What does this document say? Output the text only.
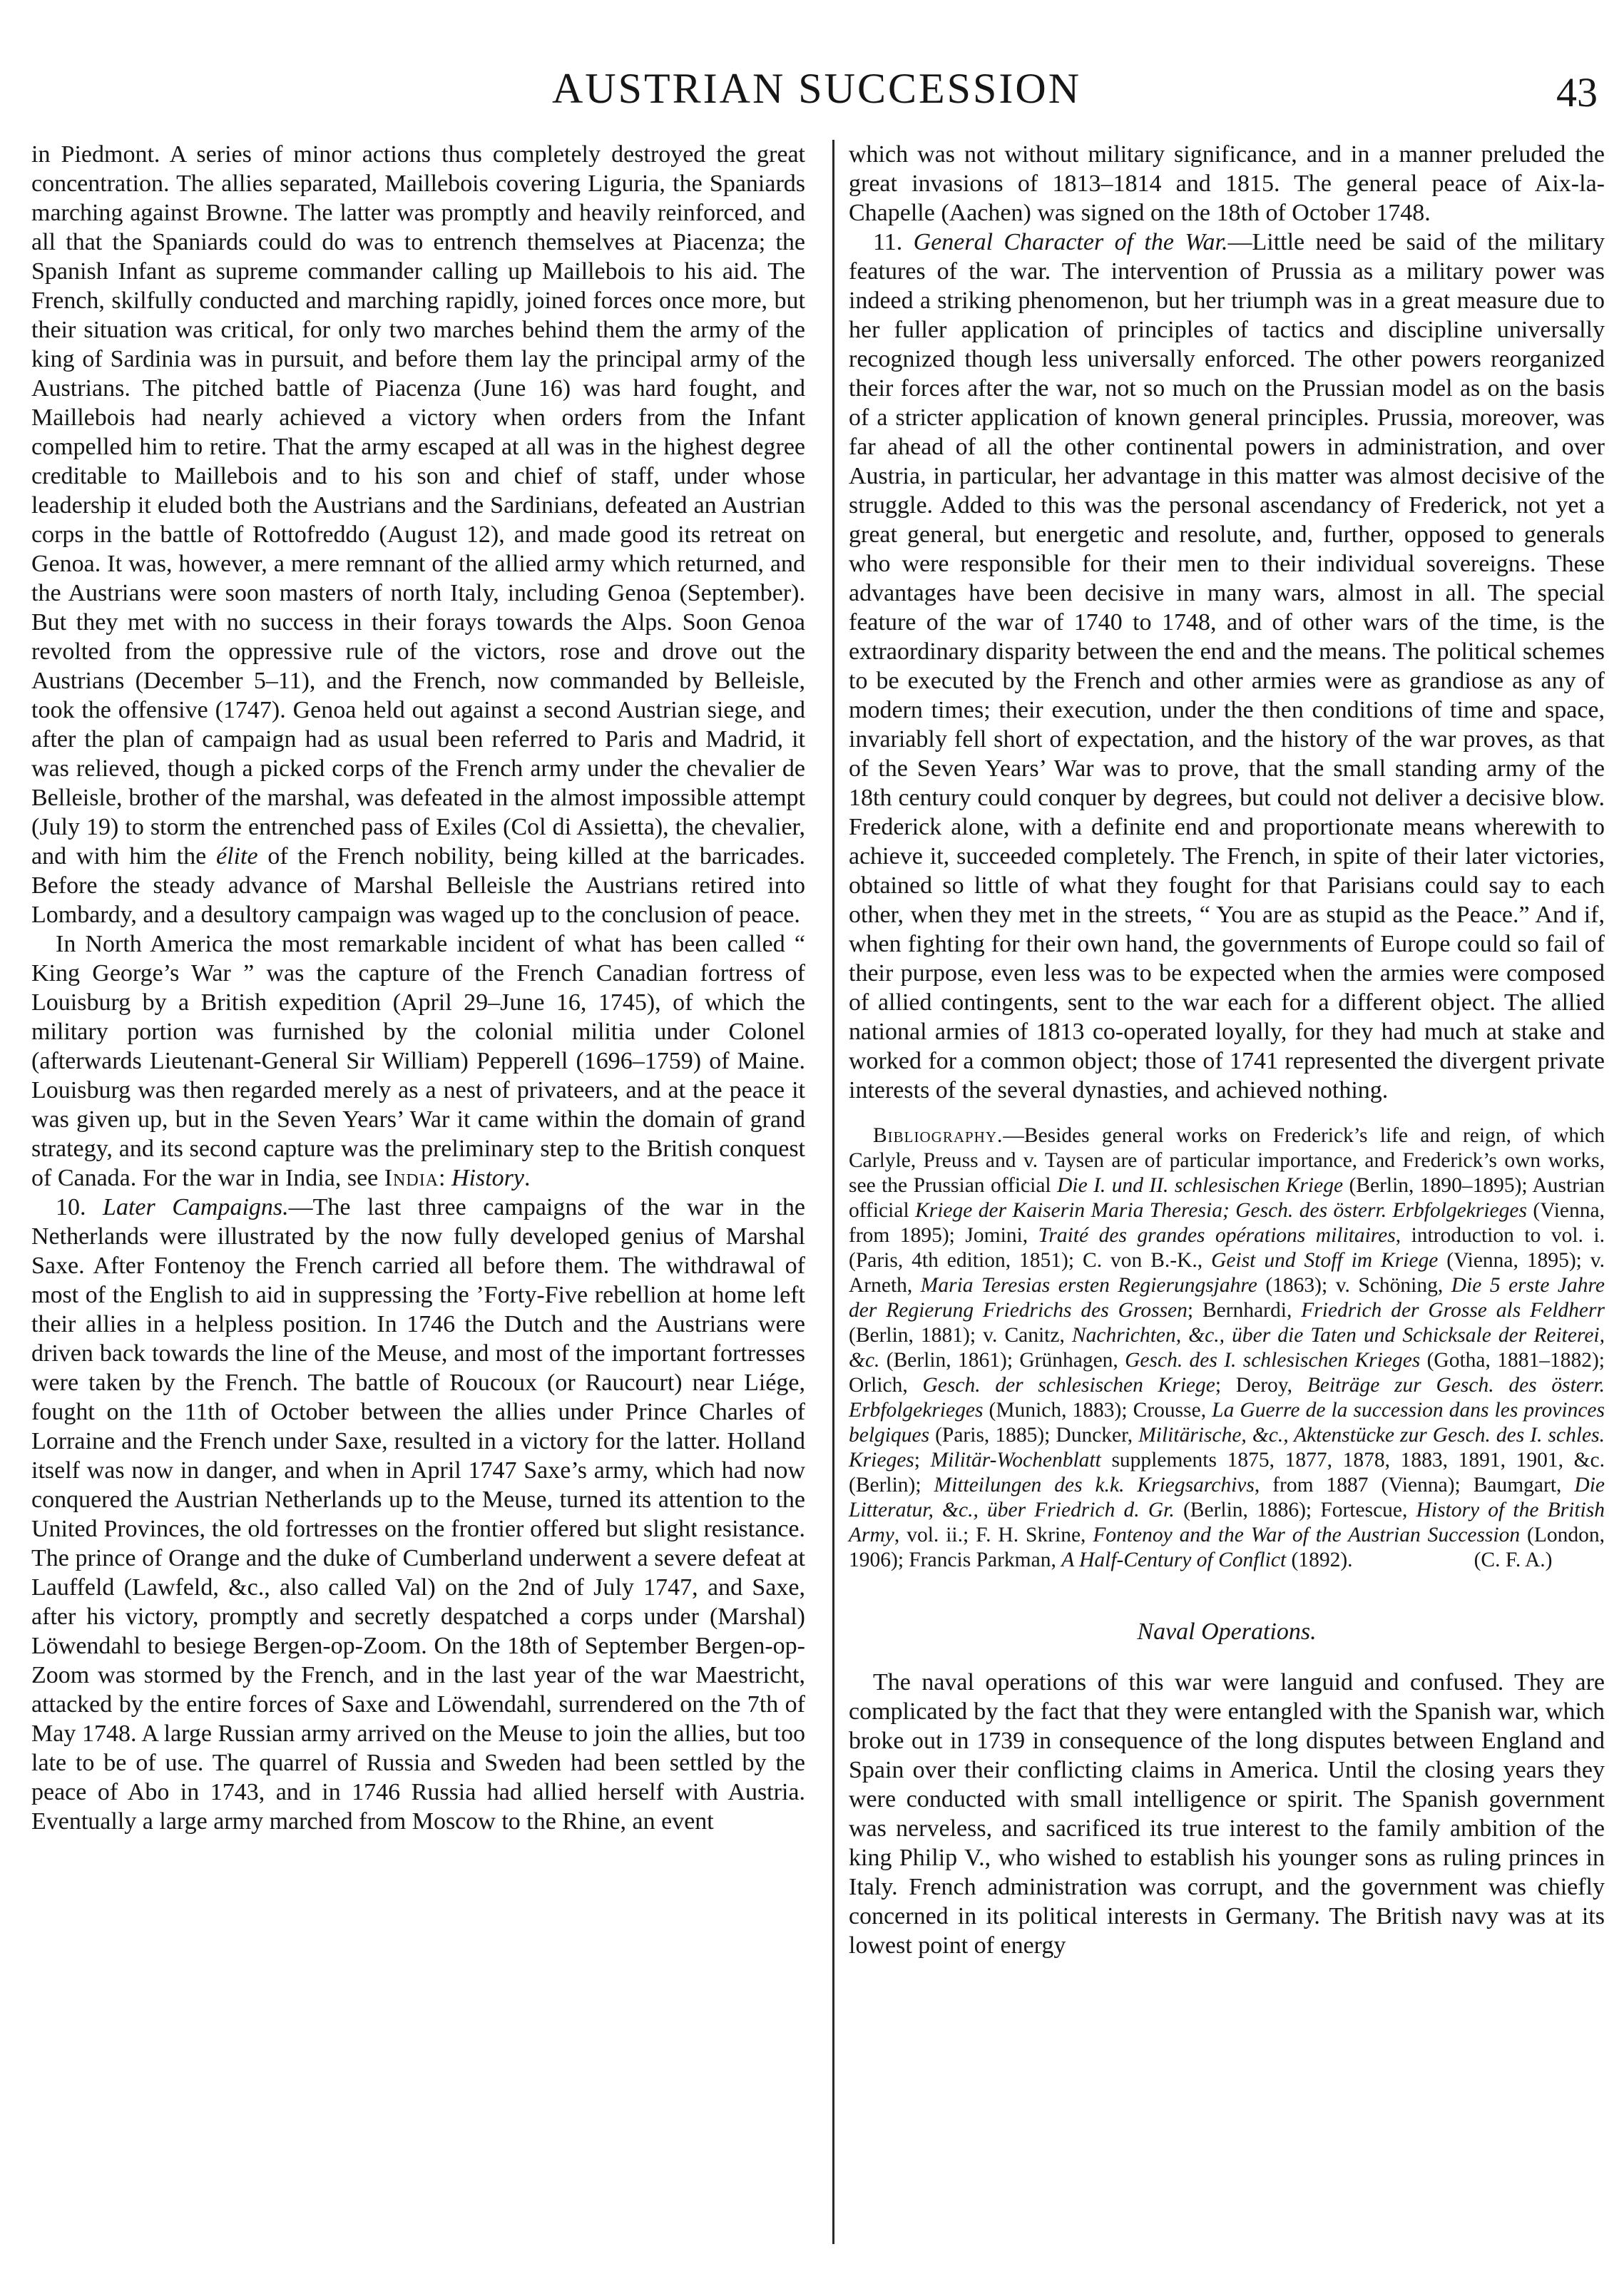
AUSTRIAN SUCCESSION	43

in Piedmont. A series of minor actions thus completely destroyed the great concentration. The allies separated, Maillebois covering Liguria, the Spaniards marching against Browne. The latter was promptly and heavily reinforced, and all that the Spaniards could do was to entrench themselves at Piacenza; the Spanish Infant as supreme commander calling up Maillebois to his aid. The French, skilfully conducted and marching rapidly, joined forces once more, but their situation was critical, for only two marches behind them the army of the king of Sardinia was in pursuit, and before them lay the principal army of the Austrians. The pitched battle of Piacenza (June 16) was hard fought, and Maillebois had nearly achieved a victory when orders from the Infant compelled him to retire. That the army escaped at all was in the highest degree creditable to Maillebois and to his son and chief of staff, under whose leadership it eluded both the Austrians and the Sardinians, defeated an Austrian corps in the battle of Rottofreddo (August 12), and made good its retreat on Genoa. It was, however, a mere remnant of the allied army which returned, and the Austrians were soon masters of north Italy, including Genoa (September). But they met with no success in their forays towards the Alps. Soon Genoa revolted from the oppressive rule of the victors, rose and drove out the Austrians (December 5–11), and the French, now commanded by Belleisle, took the offensive (1747). Genoa held out against a second Austrian siege, and after the plan of campaign had as usual been referred to Paris and Madrid, it was relieved, though a picked corps of the French army under the chevalier de Belleisle, brother of the marshal, was defeated in the almost impossible attempt (July 19) to storm the entrenched pass of Exiles (Col di Assietta), the chevalier, and with him the élite of the French nobility, being killed at the barricades. Before the steady advance of Marshal Belleisle the Austrians retired into Lombardy, and a desultory campaign was waged up to the conclusion of peace.

In North America the most remarkable incident of what has been called “ King George’s War ” was the capture of the French Canadian fortress of Louisburg by a British expedition (April 29–June 16, 1745), of which the military portion was furnished by the colonial militia under Colonel (afterwards Lieutenant-General Sir William) Pepperell (1696–1759) of Maine. Louisburg was then regarded merely as a nest of privateers, and at the peace it was given up, but in the Seven Years’ War it came within the domain of grand strategy, and its second capture was the preliminary step to the British conquest of Canada. For the war in India, see India: History.

10. Later Campaigns.—The last three campaigns of the war in the Netherlands were illustrated by the now fully developed genius of Marshal Saxe. After Fontenoy the French carried all before them. The withdrawal of most of the English to aid in suppressing the ’Forty-Five rebellion at home left their allies in a helpless position. In 1746 the Dutch and the Austrians were driven back towards the line of the Meuse, and most of the important fortresses were taken by the French. The battle of Roucoux (or Raucourt) near Liége, fought on the 11th of October between the allies under Prince Charles of Lorraine and the French under Saxe, resulted in a victory for the latter. Holland itself was now in danger, and when in April 1747 Saxe’s army, which had now conquered the Austrian Netherlands up to the Meuse, turned its attention to the United Provinces, the old fortresses on the frontier offered but slight resistance. The prince of Orange and the duke of Cumberland underwent a severe defeat at Lauffeld (Lawfeld, &c., also called Val) on the 2nd of July 1747, and Saxe, after his victory, promptly and secretly despatched a corps under (Marshal) Löwendahl to besiege Bergen-op-Zoom. On the 18th of September Bergen-op-Zoom was stormed by the French, and in the last year of the war Maestricht, attacked by the entire forces of Saxe and Löwendahl, surrendered on the 7th of May 1748. A large Russian army arrived on the Meuse to join the allies, but too late to be of use. The quarrel of Russia and Sweden had been settled by the peace of Abo in 1743, and in 1746 Russia had allied herself with Austria. Eventually a large army marched from Moscow to the Rhine, an event

which was not without military significance, and in a manner preluded the great invasions of 1813–1814 and 1815. The general peace of Aix-la-Chapelle (Aachen) was signed on the 18th of October 1748.

11. General Character of the War.—Little need be said of the military features of the war. The intervention of Prussia as a military power was indeed a striking phenomenon, but her triumph was in a great measure due to her fuller application of principles of tactics and discipline universally recognized though less universally enforced. The other powers reorganized their forces after the war, not so much on the Prussian model as on the basis of a stricter application of known general principles. Prussia, moreover, was far ahead of all the other continental powers in administration, and over Austria, in particular, her advantage in this matter was almost decisive of the struggle. Added to this was the personal ascendancy of Frederick, not yet a great general, but energetic and resolute, and, further, opposed to generals who were responsible for their men to their individual sovereigns. These advantages have been decisive in many wars, almost in all. The special feature of the war of 1740 to 1748, and of other wars of the time, is the extraordinary disparity between the end and the means. The political schemes to be executed by the French and other armies were as grandiose as any of modern times; their execution, under the then conditions of time and space, invariably fell short of expectation, and the history of the war proves, as that of the Seven Years’ War was to prove, that the small standing army of the 18th century could conquer by degrees, but could not deliver a decisive blow. Frederick alone, with a definite end and proportionate means wherewith to achieve it, succeeded completely. The French, in spite of their later victories, obtained so little of what they fought for that Parisians could say to each other, when they met in the streets, “ You are as stupid as the Peace.” And if, when fighting for their own hand, the governments of Europe could so fail of their purpose, even less was to be expected when the armies were composed of allied contingents, sent to the war each for a different object. The allied national armies of 1813 co-operated loyally, for they had much at stake and worked for a common object; those of 1741 represented the divergent private interests of the several dynasties, and achieved nothing.

Bibliography.—Besides general works on Frederick’s life and reign, of which Carlyle, Preuss and v. Taysen are of particular importance, and Frederick’s own works, see the Prussian official Die I. und II. schlesischen Kriege (Berlin, 1890–1895); Austrian official Kriege der Kaiserin Maria Theresia; Gesch. des österr. Erbfolgekrieges (Vienna, from 1895); Jomini, Traité des grandes opérations militaires, introduction to vol. i. (Paris, 4th edition, 1851); C. von B.-K., Geist und Stoff im Kriege (Vienna, 1895); v. Arneth, Maria Teresias ersten Regierungsjahre (1863); v. Schöning, Die 5 erste Jahre der Regierung Friedrichs des Grossen; Bernhardi, Friedrich der Grosse als Feldherr (Berlin, 1881); v. Canitz, Nachrichten, &c., über die Taten und Schicksale der Reiterei, &c. (Berlin, 1861); Grünhagen, Gesch. des I. schlesischen Krieges (Gotha, 1881–1882); Orlich, Gesch. der schlesischen Kriege; Deroy, Beiträge zur Gesch. des österr. Erbfolgekrieges (Munich, 1883); Crousse, La Guerre de la succession dans les provinces belgiques (Paris, 1885); Duncker, Militärische, &c., Aktenstücke zur Gesch. des I. schles. Krieges; Militär-Wochenblatt supplements 1875, 1877, 1878, 1883, 1891, 1901, &c. (Berlin); Mitteilungen des k.k. Kriegsarchivs, from 1887 (Vienna); Baumgart, Die Litteratur, &c., über Friedrich d. Gr. (Berlin, 1886); Fortescue, History of the British Army, vol. ii.; F. H. Skrine, Fontenoy and the War of the Austrian Succession (London, 1906); Francis Parkman, A Half-Century of Conflict (1892).	(C. F. A.)

Naval Operations.

The naval operations of this war were languid and confused. They are complicated by the fact that they were entangled with the Spanish war, which broke out in 1739 in consequence of the long disputes between England and Spain over their conflicting claims in America. Until the closing years they were conducted with small intelligence or spirit. The Spanish government was nerveless, and sacrificed its true interest to the family ambition of the king Philip V., who wished to establish his younger sons as ruling princes in Italy. French administration was corrupt, and the government was chiefly concerned in its political interests in Germany. The British navy was at its lowest point of energy
